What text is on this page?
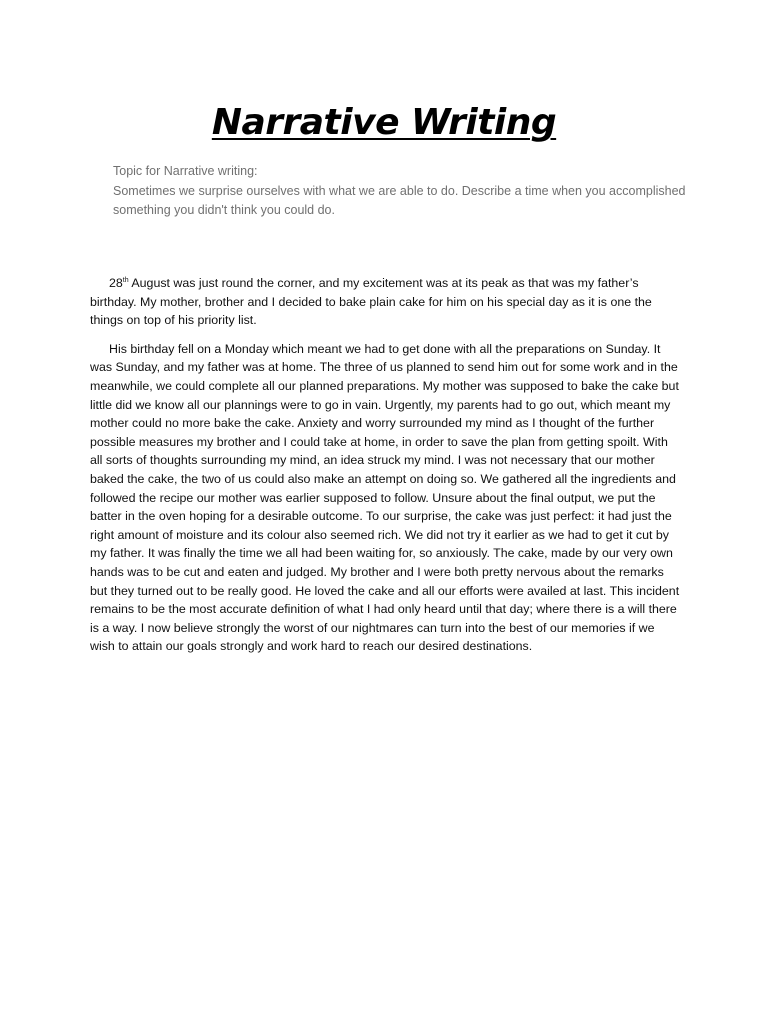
Narrative Writing

Topic for Narrative writing:

Sometimes we surprise ourselves with what we are able to do. Describe a time when you accomplished something you didn't think you could do.

28th August was just round the corner, and my excitement was at its peak as that was my father’s birthday. My mother, brother and I decided to bake plain cake for him on his special day as it is one the things on top of his priority list.

His birthday fell on a Monday which meant we had to get done with all the preparations on Sunday. It was Sunday, and my father was at home. The three of us planned to send him out for some work and in the meanwhile, we could complete all our planned preparations. My mother was supposed to bake the cake but little did we know all our plannings were to go in vain. Urgently, my parents had to go out, which meant my mother could no more bake the cake. Anxiety and worry surrounded my mind as I thought of the further possible measures my brother and I could take at home, in order to save the plan from getting spoilt. With all sorts of thoughts surrounding my mind, an idea struck my mind. I was not necessary that our mother baked the cake, the two of us could also make an attempt on doing so. We gathered all the ingredients and followed the recipe our mother was earlier supposed to follow. Unsure about the final output, we put the batter in the oven hoping for a desirable outcome. To our surprise, the cake was just perfect: it had just the right amount of moisture and its colour also seemed rich. We did not try it earlier as we had to get it cut by my father. It was finally the time we all had been waiting for, so anxiously. The cake, made by our very own hands was to be cut and eaten and judged. My brother and I were both pretty nervous about the remarks but they turned out to be really good. He loved the cake and all our efforts were availed at last. This incident remains to be the most accurate definition of what I had only heard until that day; where there is a will there is a way. I now believe strongly the worst of our nightmares can turn into the best of our memories if we wish to attain our goals strongly and work hard to reach our desired destinations.
